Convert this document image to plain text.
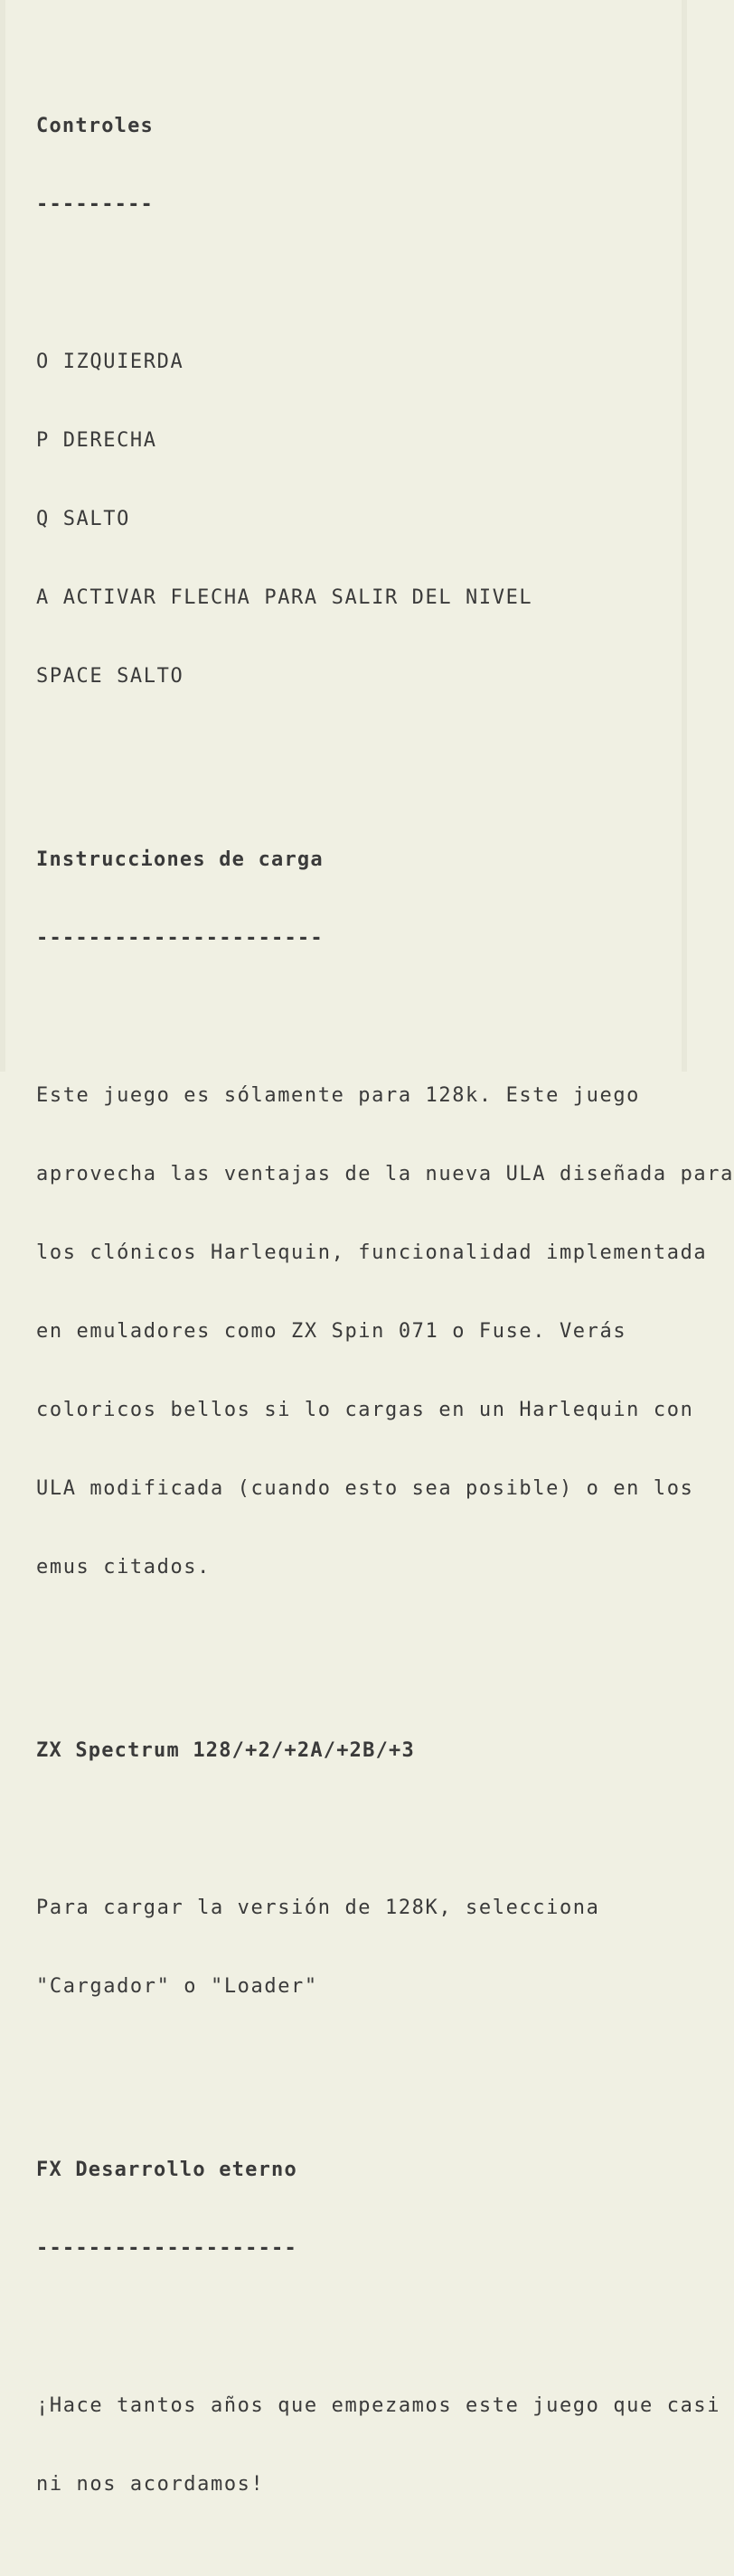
Controles

---------

O IZQUIERDA

P DERECHA

Q SALTO

A ACTIVAR FLECHA PARA SALIR DEL NIVEL

SPACE SALTO

Instrucciones de carga

----------------------

Este juego es sólamente para 128k. Este juego

aprovecha las ventajas de la nueva ULA diseñada para

los clónicos Harlequin, funcionalidad implementada

en emuladores como ZX Spin 071 o Fuse. Verás

coloricos bellos si lo cargas en un Harlequin con

ULA modificada (cuando esto sea posible) o en los

emus citados.

ZX Spectrum 128/+2/+2A/+2B/+3

Para cargar la versión de 128K, selecciona

"Cargador" o "Loader"

FX Desarrollo eterno

--------------------

¡Hace tantos años que empezamos este juego que casi

ni nos acordamos!
